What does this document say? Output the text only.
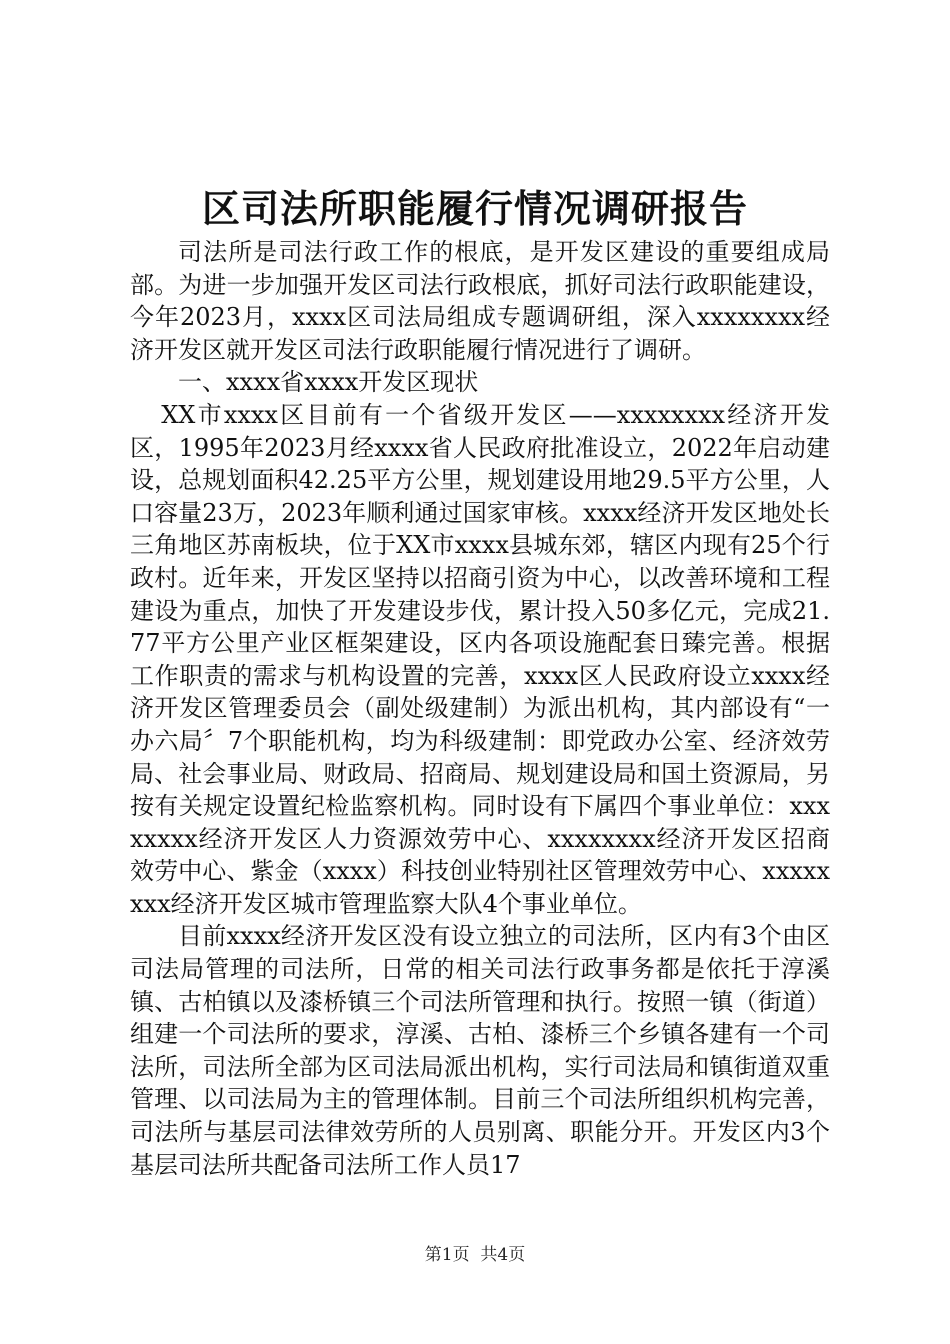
区司法所职能履行情况调研报告

司法所是司法行政工作的根底，是开发区建设的重要组成局部。为进一步加强开发区司法行政根底，抓好司法行政职能建设，今年2023月，xxxx区司法局组成专题调研组，深入xxxxxxxx经济开发区就开发区司法行政职能履行情况进行了调研。

一、xxxx省xxxx开发区现状

XX市xxxx区目前有一个省级开发区——xxxxxxxx经济开发区，1995年2023月经xxxx省人民政府批准设立，2022年启动建设，总规划面积42.25平方公里，规划建设用地29.5平方公里，人口容量23万，2023年顺利通过国家审核。xxxx经济开发区地处长三角地区苏南板块，位于XX市xxxx县城东郊，辖区内现有25个行政村。近年来，开发区坚持以招商引资为中心，以改善环境和工程建设为重点，加快了开发建设步伐，累计投入50多亿元，完成21.77平方公里产业区框架建设，区内各项设施配套日臻完善。根据工作职责的需求与机构设置的完善，xxxx区人民政府设立xxxx经济开发区管理委员会（副处级建制）为派出机构，其内部设有“一办六局〞7个职能机构，均为科级建制：即党政办公室、经济效劳局、社会事业局、财政局、招商局、规划建设局和国土资源局，另按有关规定设置纪检监察机构。同时设有下属四个事业单位：xxxxxxxx经济开发区人力资源效劳中心、xxxxxxxx经济开发区招商效劳中心、紫金（xxxx）科技创业特别社区管理效劳中心、xxxxxxxx经济开发区城市管理监察大队4个事业单位。

目前xxxx经济开发区没有设立独立的司法所，区内有3个由区司法局管理的司法所，日常的相关司法行政事务都是依托于淳溪镇、古柏镇以及漆桥镇三个司法所管理和执行。按照一镇（街道）组建一个司法所的要求，淳溪、古柏、漆桥三个乡镇各建有一个司法所，司法所全部为区司法局派出机构，实行司法局和镇街道双重管理、以司法局为主的管理体制。目前三个司法所组织机构完善，司法所与基层司法律效劳所的人员别离、职能分开。开发区内3个基层司法所共配备司法所工作人员17

第1页  共4页
